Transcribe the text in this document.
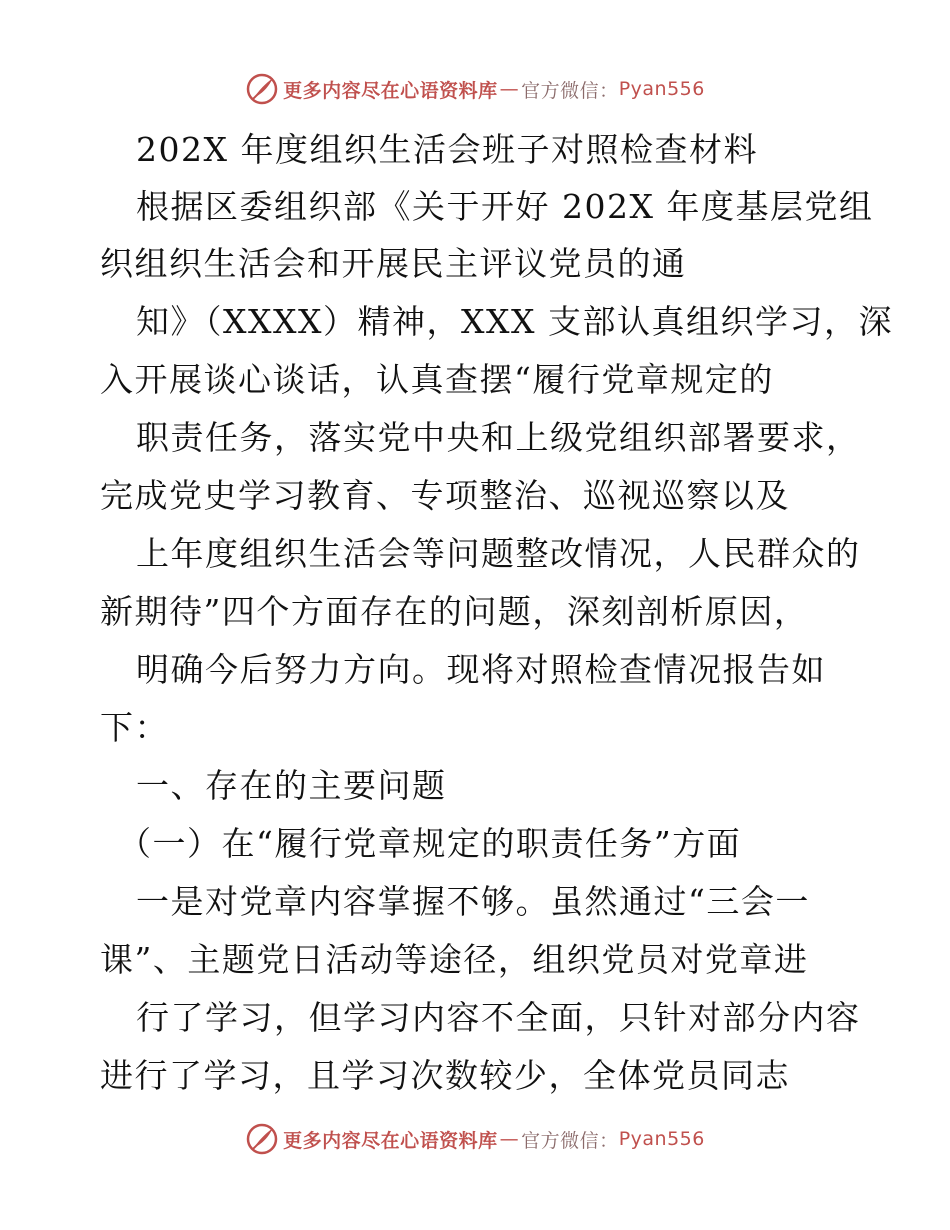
更多内容尽在心语资料库 — 官方微信： Pyan556
202X 年度组织生活会班子对照检查材料
根据区委组织部《关于开好 202X 年度基层党组
织组织生活会和开展民主评议党员的通
知》（XXXX）精神，XXX 支部认真组织学习，深
入开展谈心谈话，认真查摆“履行党章规定的
职责任务，落实党中央和上级党组织部署要求，
完成党史学习教育、专项整治、巡视巡察以及
上年度组织生活会等问题整改情况，人民群众的
新期待”四个方面存在的问题，深刻剖析原因，
明确今后努力方向。现将对照检查情况报告如
下：
一、存在的主要问题
（一）在“履行党章规定的职责任务”方面
一是对党章内容掌握不够。虽然通过“三会一
课”、主题党日活动等途径，组织党员对党章进
行了学习，但学习内容不全面，只针对部分内容
进行了学习，且学习次数较少，全体党员同志
更多内容尽在心语资料库 — 官方微信： Pyan556
